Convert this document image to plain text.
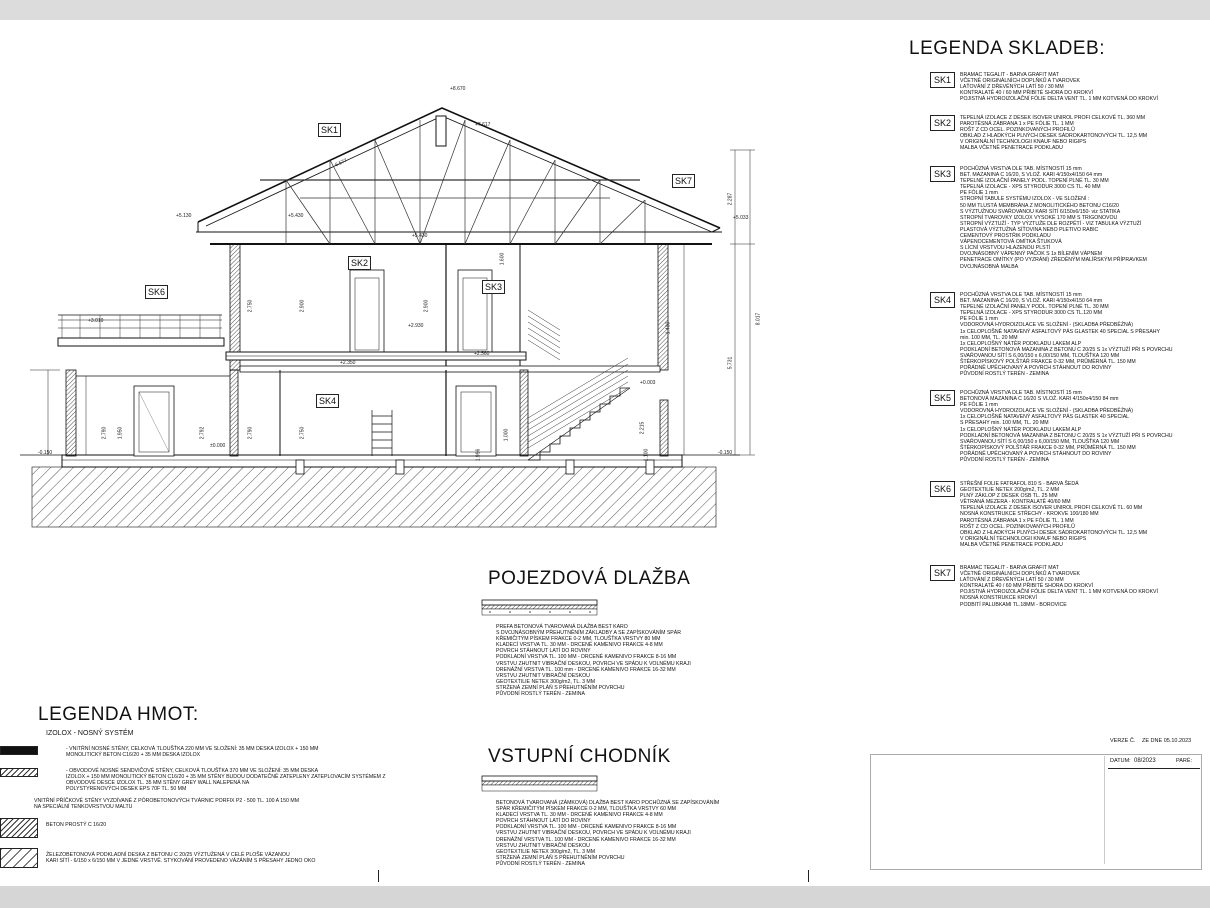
SK1
SK2
SK3
SK4
SK6
SK7
+8.670
+7.617
+5.130	+5.430	+5.033
+5.430
+2.930
+2.350
+2.560
+3.010
±0.000
-0.150
-0.150
+0.003
6.577
8.017
2.287
5.731
2.750	2.900	2.900
1.600
2.792	2.790	2.750
2.790 1.950
1.400
2.215
1.000
1.996	1.100
LEGENDA SKLADEB:
SK1	BRAMAC TEGALIT - BARVA GRAFIT MAT
VČETNĚ ORIGINÁLNÍCH DOPLŇKŮ A TVAROVEK
LAŤOVÁNÍ Z DŘEVĚNÝCH LATÍ 50 / 30 MM
KONTRALATĚ 40 / 60 MM PŘIBITÉ SHORA DO KROKVÍ
POJISTNÁ HYDROIZOLAČNÍ FÓLIE DELTA VENT TL. 1 MM KOTVENÁ DO KROKVÍ
SK2	TEPELNÁ IZOLACE Z DESEK ISOVER UNIROL PROFI CELKOVĚ TL. 360 MM
PAROTĚSNÁ ZÁBRANA 1 x PE FÓLIE TL. 1 MM
ROŠT Z CD OCEL. POZINKOVANÝCH PROFILŮ
OBKLAD Z HLADKÝCH PLNÝCH DESEK SÁDROKARTONOVÝCH TL. 12,5 MM
V ORIGINÁLNÍ TECHNOLOGII KNAUF NEBO RIGIPS
MALBA VČETNĚ PENETRACE PODKLADU
SK3	POCHŮZNÁ VRSTVA DLE TAB. MÍSTNOSTÍ 15 mm
BET. MAZANINA C 16/20, S VLOŽ. KARI 4/150x4/150 64 mm
TEPELNÉ IZOLAČNÍ PANELY PODL. TOPENÍ PLNÉ TL. 30 MM
TEPELNÁ IZOLACE - XPS STYRODUR 3000 CS TL. 40 MM
PE FÓLIE 1 mm
STROPNÍ TABULE SYSTÉMU IZOLOX - VE SLOŽENÍ :
50 MM TLUSTÁ MEMBRÁNA Z MONOLITICKÉHO BETONU C16/20
S VÝZTUŽNOU SVAŘOVANOU KARI SÍTÍ 6/150x6/150- viz STATIKA
STROPNÍ TVAROVKY IZOLOX VYSOKÉ 170 MM S TRIGONOVOU
STROPNÍ VÝZTUŽÍ - TYP VÝZTUŽE DLE ROZPĚTÍ - VIZ TABULKA VÝZTUŽÍ
PLASTOVÁ VÝZTUŽNÁ SÍŤOVINA NEBO PLETIVO RABIC
CEMENTOVÝ PROSTŘIK PODKLADU
VÁPENOCEMENTOVÁ OMÍTKA ŠTUKOVÁ
S LÍCNÍ VRSTVOU HLAZENOU PLSTÍ
DVOJNÁSOBNÝ VÁPENNÝ PAČOK S 1x BÍLENÍM VÁPNEM
PENETRACE OMÍTKY (PO VYZRÁNÍ) ZŘEDĚNÝM MALÍŘSKÝM PŘÍPRAVKEM
DVOJNÁSOBNÁ MALBA
SK4	POCHŮZNÁ VRSTVA DLE TAB. MÍSTNOSTÍ 15 mm
BET. MAZANINA C 16/20, S VLOŽ. KARI 4/150x4/150 64 mm
TEPELNÉ IZOLAČNÍ PANELY PODL. TOPENÍ PLNÉ TL. 30 MM
TEPELNÁ IZOLACE - XPS STYRODUR 3000 CS TL.120 MM
PE FÓLIE 1 mm
VODOROVNÁ HYDROIZOLACE VE SLOŽENÍ - (SKLADBA PŘEDBĚŽNÁ)
1x CELOPLOŠNĚ NATAVENÝ ASFALTOVÝ PÁS GLASTEK 40 SPECIAL S PŘESAHY
min. 100 MM, TL. 20 MM
1x CELOPLOŠNÝ NÁTĚR PODKLADU LAKEM ALP
PODKLADNÍ BETONOVÁ MAZANINA Z BETONU C 20/25 S 1x VÝZTUŽÍ PŘI S POVRCHU
SVAŘOVANOU SÍTÍ S 6,00/150 x 6,00/150 MM, TLOUŠŤKA 120 MM
ŠTĚRKOPÍSKOVÝ POLŠTÁŘ FRAKCE 0-32 MM, PRŮMĚRNÁ TL. 150 MM
POŘÁDNĚ UPĚCHOVANÝ A POVRCH STÁHNOUT DO ROVINY
PŮVODNÍ ROSTLÝ TERÉN - ZEMINA
SK5	POCHŮZNÁ VRSTVA DLE TAB. MÍSTNOSTÍ 15 mm
BETONOVÁ MAZANINA C 16/20 S VLOŽ. KARI 4/150x4/150 84 mm
PE FÓLIE 1 mm
VODOROVNÁ HYDROIZOLACE VE SLOŽENÍ - (SKLADBA PŘEDBĚŽNÁ)
1x CELOPLOŠNĚ NATAVENÝ ASFALTOVÝ PÁS GLASTEK 40 SPECIAL
S PŘESAHY min. 100 MM, TL. 20 MM
1x CELOPLOŠNÝ NÁTĚR PODKLADU LAKEM ALP
PODKLADNÍ BETONOVÁ MAZANINA Z BETONU C 20/25 S 1x VÝZTUŽÍ PŘI S POVRCHU
SVAŘOVANOU SÍTÍ S 6,00/150 x 6,00/150 MM, TLOUŠŤKA 120 MM
ŠTĚRKOPÍSKOVÝ POLŠTÁŘ FRAKCE 0-32 MM, PRŮMĚRNÁ TL. 150 MM
POŘÁDNĚ UPĚCHOVANÝ A POVRCH STÁHNOUT DO ROVINY
PŮVODNÍ ROSTLÝ TERÉN - ZEMINA
SK6	STŘEŠNÍ FOLIE FATRAFOL 810 S - BARVA ŠEDÁ
GEOTEXTILIE NETEX 200g/m2, TL. 2 MM
PLNÝ ZÁKLOP Z DESEK OSB TL. 25 MM
VĚTRANÁ MEZERA - KONTRALATĚ 40/60 MM
TEPELNÁ IZOLACE Z DESEK ISOVER UNIROL PROFI CELKOVĚ TL. 60 MM
NOSNÁ KONSTRUKCE STŘECHY - KROKVE 100/180 MM
PAROTĚSNÁ ZÁBRANA 1 x PE FÓLIE TL. 1 MM
ROŠT Z CD OCEL. POZINKOVANÝCH PROFILŮ
OBKLAD Z HLADKÝCH PLNÝCH DESEK SÁDROKARTONOVÝCH TL. 12,5 MM
V ORIGINÁLNÍ TECHNOLOGII KNAUF NEBO RIGIPS
MALBA VČETNĚ PENETRACE PODKLADU
SK7	BRAMAC TEGALIT - BARVA GRAFIT MAT
VČETNĚ ORIGINÁLNÍCH DOPLŇKŮ A TVAROVEK
LAŤOVÁNÍ Z DŘEVĚNÝCH LATÍ 50 / 30 MM
KONTRALATĚ 40 / 60 MM PŘIBITÉ SHORA DO KROKVÍ
POJISTNÁ HYDROIZOLAČNÍ FÓLIE DELTA VENT TL. 1 MM KOTVENÁ DO KROKVÍ
NOSNÁ KONSTRUKCE KROKVÍ
PODBITÍ PALUBKAMI TL.18MM - BOROVICE
POJEZDOVÁ DLAŽBA
PREFA BETONOVÁ TVAROVANÁ DLAŽBA BEST KARO
S DVOJNÁSOBNÝM PŘEHUTNĚNÍM ZÁKLADBY A SE ZAPÍSKOVÁNÍM SPÁR
KŘEMIČITÝM PÍSKEM FRAKCE 0-2 MM, TLOUŠŤKA VRSTVY 80 MM
KLADECÍ VRSTVA TL. 30 MM - DRCENÉ KAMENIVO FRAKCE 4-8 MM
POVRCH STÁHNOUT LATÍ DO ROVINY
PODKLADNÍ VRSTVA TL. 100 MM - DRCENÉ KAMENIVO FRAKCE 8-16 MM
VRSTVU ZHUTNIT VIBRAČNÍ DESKOU, POVRCH VE SPÁDU K VOLNÉMU KRAJI
DRENÁŽNÍ VRSTVA TL. 100 mm - DRCENÉ KAMENIVO FRAKCE 16-32 MM
VRSTVU ZHUTNIT VIBRAČNÍ DESKOU
GEOTEXTILIE NETEX 300g/m2, TL. 3 MM
STRŽENÁ ZEMNÍ PLÁŇ S PŘEHUTNĚNÍM POVRCHU
PŮVODNÍ ROSTLÝ TERÉN - ZEMINA
VSTUPNÍ CHODNÍK
BETONOVÁ TVAROVANÁ (ZÁMKOVÁ) DLAŽBA BEST KARO POCHŮZNÁ SE ZAPÍSKOVÁNÍM
SPÁR KŘEMIČITÝM PÍSKEM FRAKCE 0-2 MM, TLOUŠŤKA VRSTVY 60 MM
KLADECÍ VRSTVA TL. 30 MM - DRCENÉ KAMENIVO FRAKCE 4-8 MM
POVRCH STÁHNOUT LATÍ DO ROVINY
PODKLADNÍ VRSTVA TL. 100 MM - DRCENÉ KAMENIVO FRAKCE 8-16 MM
VRSTVU ZHUTNIT VIBRAČNÍ DESKOU, POVRCH VE SPÁDU K VOLNÉMU KRAJI
DRENÁŽNÍ VRSTVA TL. 100 MM - DRCENÉ KAMENIVO FRAKCE 16-32 MM
VRSTVU ZHUTNIT VIBRAČNÍ DESKOU
GEOTEXTILIE NETEX 300g/m2, TL. 3 MM
STRŽENÁ ZEMNÍ PLÁŇ S PŘEHUTNĚNÍM POVRCHU
PŮVODNÍ ROSTLÝ TERÉN - ZEMINA
LEGENDA HMOT:
IZOLOX - NOSNÝ SYSTÉM
- VNITŘNÍ NOSNÉ STĚNY, CELKOVÁ TLOUŠŤKA 220 MM VE SLOŽENÍ: 35 MM DESKA IZOLOX + 150 MM
MONOLITICKÝ BETON C16/20 + 35 MM DESKA IZOLOX
- OBVODOVÉ NOSNÉ SENDVIČOVÉ STĚNY, CELKOVÁ TLOUŠŤKA 370 MM VE SLOŽENÍ: 35 MM DESKA
IZOLOX + 150 MM MONOLITICKÝ BETON C16/20 + 35 MM STĚNY BUDOU DODATEČNĚ ZATEPLENY ZATEPLOVACÍM SYSTÉMEM Z
OBVODOVÉ DESCE IZOLOX TL. 35 MM STĚNY GREY WALL NALEPENÁ NA
POLYSTYRENOVÝCH DESEK EPS 70F TL. 50 MM
VNITŘNÍ PŘÍČKOVÉ STĚNY VYZDÍVANÉ Z PÓROBETONOVÝCH TVÁRNIC PORFIX P2 - 500 TL. 100 A 150 MM
NA SPECIÁLNÍ TENKOVRSTVOU MALTU
BETON PROSTÝ C 16/20
ŽELEZOBETONOVÁ PODKLADNÍ DESKA Z BETONU C 20/25 VÝZTUŽENÁ V CELÉ PLOŠE VÁZANOU
KARI SÍTÍ - 6/150 x 6/150 MM V JEDNÉ VRSTVĚ. STYKOVÁNÍ PROVEDENO VÁZÁNÍM S PŘESAHY JEDNO OKO
VERZE Č. ZE DNE 05.10.2023
DATUM: 08/2023	PARÉ:
